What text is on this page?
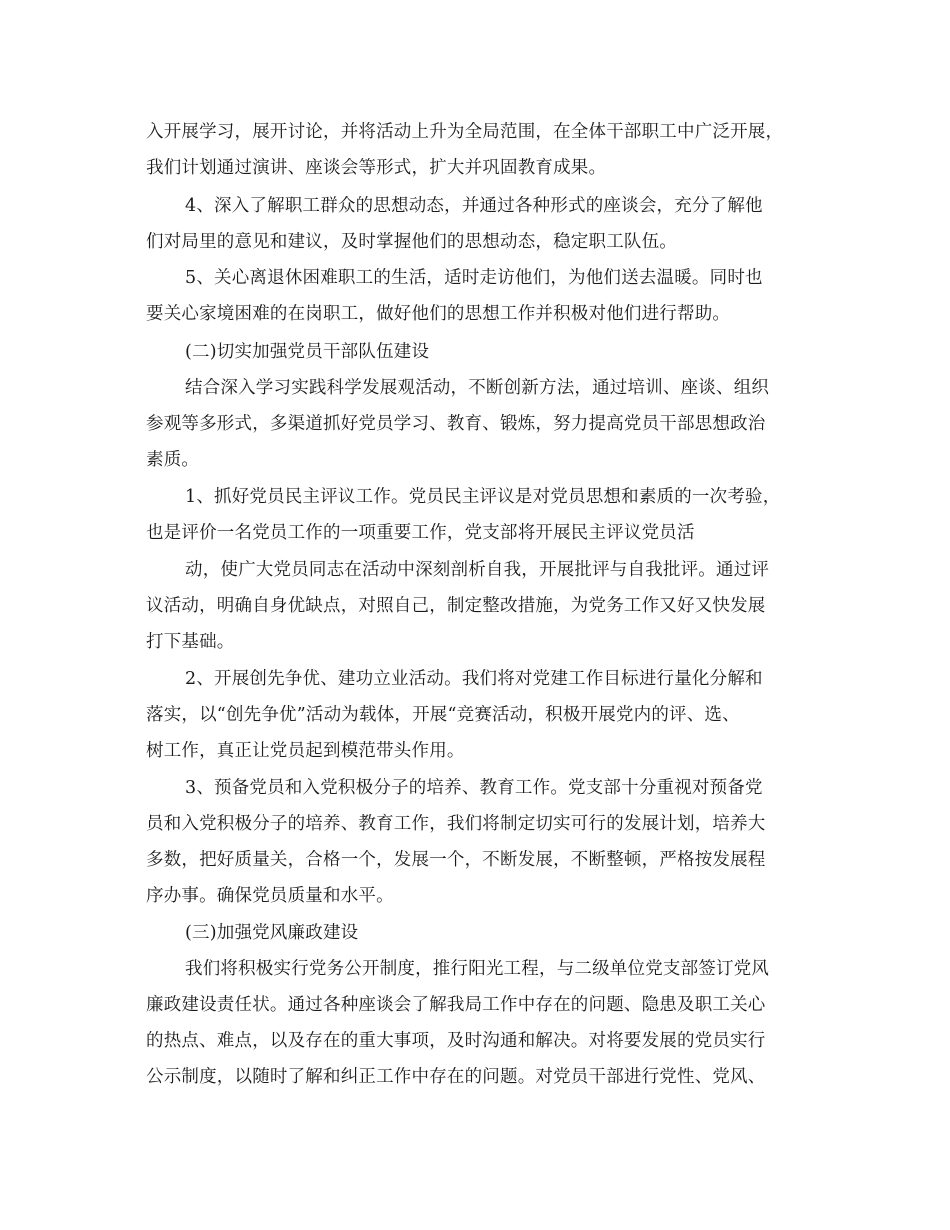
入开展学习，展开讨论，并将活动上升为全局范围，在全体干部职工中广泛开展，
我们计划通过演讲、座谈会等形式，扩大并巩固教育成果。
4、深入了解职工群众的思想动态，并通过各种形式的座谈会，充分了解他
们对局里的意见和建议，及时掌握他们的思想动态，稳定职工队伍。
5、关心离退休困难职工的生活，适时走访他们，为他们送去温暖。同时也
要关心家境困难的在岗职工，做好他们的思想工作并积极对他们进行帮助。
(二)切实加强党员干部队伍建设
结合深入学习实践科学发展观活动，不断创新方法，通过培训、座谈、组织
参观等多形式，多渠道抓好党员学习、教育、锻炼，努力提高党员干部思想政治
素质。
1、抓好党员民主评议工作。党员民主评议是对党员思想和素质的一次考验，
也是评价一名党员工作的一项重要工作，党支部将开展民主评议党员活
动，使广大党员同志在活动中深刻剖析自我，开展批评与自我批评。通过评
议活动，明确自身优缺点，对照自己，制定整改措施，为党务工作又好又快发展
打下基础。
2、开展创先争优、建功立业活动。我们将对党建工作目标进行量化分解和
落实，以“创先争优”活动为载体，开展“竞赛活动，积极开展党内的评、选、
树工作，真正让党员起到模范带头作用。
3、预备党员和入党积极分子的培养、教育工作。党支部十分重视对预备党
员和入党积极分子的培养、教育工作，我们将制定切实可行的发展计划，培养大
多数，把好质量关，合格一个，发展一个，不断发展，不断整顿，严格按发展程
序办事。确保党员质量和水平。
(三)加强党风廉政建设
我们将积极实行党务公开制度，推行阳光工程，与二级单位党支部签订党风
廉政建设责任状。通过各种座谈会了解我局工作中存在的问题、隐患及职工关心
的热点、难点，以及存在的重大事项，及时沟通和解决。对将要发展的党员实行
公示制度，以随时了解和纠正工作中存在的问题。对党员干部进行党性、党风、
